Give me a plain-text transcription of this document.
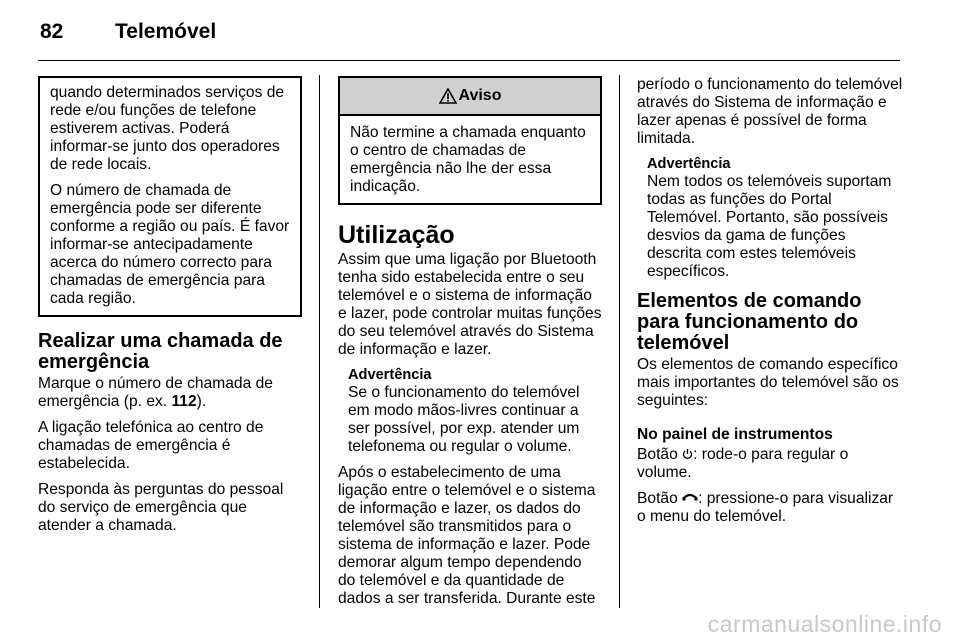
82 Telemóvel

quando determinados serviços de rede e/ou funções de telefone estiverem activas. Poderá informar-se junto dos operadores de rede locais.

O número de chamada de emergência pode ser diferente conforme a região ou país. É favor informar-se antecipadamente acerca do número correcto para chamadas de emergência para cada região.

Realizar uma chamada de emergência

Marque o número de chamada de emergência (p. ex. 112).

A ligação telefónica ao centro de chamadas de emergência é estabelecida.

Responda às perguntas do pessoal do serviço de emergência que atender a chamada.

Aviso
Não termine a chamada enquanto o centro de chamadas de emergência não lhe der essa indicação.
Utilização

Assim que uma ligação por Bluetooth tenha sido estabelecida entre o seu telemóvel e o sistema de informação e lazer, pode controlar muitas funções do seu telemóvel através do Sistema de informação e lazer.

Advertência
Se o funcionamento do telemóvel em modo mãos-livres continuar a ser possível, por exp. atender um telefonema ou regular o volume.

Após o estabelecimento de uma ligação entre o telemóvel e o sistema de informação e lazer, os dados do telemóvel são transmitidos para o sistema de informação e lazer. Pode demorar algum tempo dependendo do telemóvel e da quantidade de dados a ser transferida. Durante este

período o funcionamento do telemóvel através do Sistema de informação e lazer apenas é possível de forma limitada.

Advertência
Nem todos os telemóveis suportam todas as funções do Portal Telemóvel. Portanto, são possíveis desvios da gama de funções descrita com estes telemóveis específicos.
Elementos de comando para funcionamento do telemóvel

Os elementos de comando específico mais importantes do telemóvel são os seguintes:

No painel de instrumentos

Botão : rode-o para regular o volume.

Botão : pressione-o para visualizar o menu do telemóvel.

carmanualsonline.info
